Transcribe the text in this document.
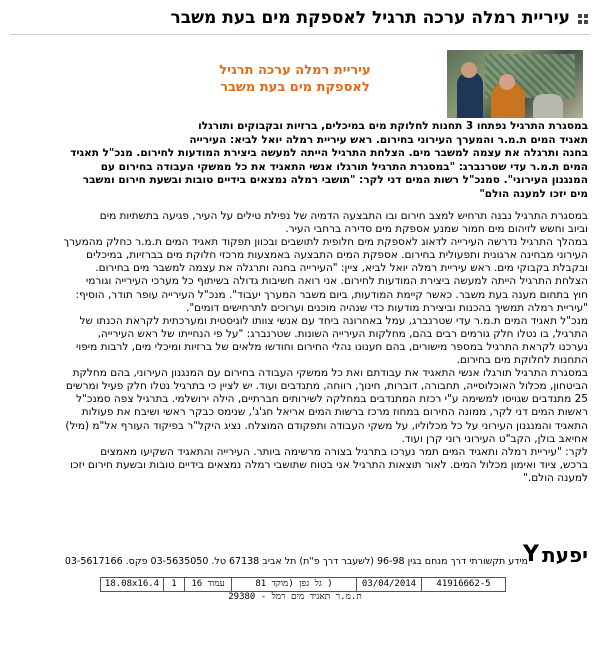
עיריית רמלה ערכה תרגיל לאספקת מים בעת משבר
עיריית רמלה ערכה תרגיל
לאספקת מים בעת משבר

במסגרת התרגיל נפתחו 3 תחנות לחלוקת מים במיכלים, ברזיות ובקבוקים ותורגלו

תאגיד המים ת.מ.ר והמערך העירוני בחירום. ראש עיריית רמלה יואל לביא: העירייה

בחנה ותרגלה את עצמה למשבר מים. הצלחת התרגיל הייתה למעשה ביצירת המודעות לחירום. מנכ"ל תאגיד

המים ת.מ.ר עדי שטרנברג: "במסגרת התרגיל תורגלו אנשי התאגיד את כל ממשקי העבודה בחירום עם

המנגנון העירוני". סמנכ"ל רשות המים דני לקר: "תושבי רמלה נמצאים בידיים טובות ובשעת חירום ומשבר

מים יזכו למענה הולם"

במסגרת התרגיל נבנה תרחיש למצב חירום ובו התבצעה הדמיה של נפילת טילים על העיר, פגיעה בתשתיות מים

וביוב וחשש לזיהום מים חמור שמנע אספקת מים סדירה ברחבי העיר.

במהלך התרגיל נדרשה העירייה לדאוג לאספקת מים חלופית לתושבים ובכוון תפקוד תאגיד המים ת.מ.ר כחלק מהמערך

העירוני מבחינה ארגונית ותפעולית בחירום. אספקת המים התבצעה באמצעות מרכזי חלוקת מים בברזיות, במיכלים

ובקבלת בקבוקי מים. ראש עיריית רמלה יואל לביא, ציין: "העירייה בחנה ותרגלה את עצמה למשבר מים בחירום.

הצלחת התרגיל הייתה למעשה ביצירת המודעות לחירום. אני רואה חשיבות גדולה בשיתוף כל מערכי העירייה וגורמי

חוץ בתחום מענה בעת משבר. כאשר קיימת המודעות, ביום משבר המערך יעבוד". מנכ"ל העירייה עופר תודר, הוסיף:

"עיריית רמלה תמשיך בהכנות וביצירת מודעות כדי שנהיה מוכנים וערוכים לתרחישים דומים".

מנכ"ל תאגיד המים ת.מ.ר עדי שטרנברג, עמל באחרונה ביחד עם אנשי צוותו לוגיסטית ומערכתית לקראת הכנתו של

התרגיל, בו נטלו חלק גורמים רבים בהם, מחלקות העירייה השונות. שטרנברג: "על פי הנחייתו של ראש העירייה,

נערכנו לקראת התרגיל במספר מישורים, בהם חענונו נהלי החירום וחודשו מלאים של ברזיות ומיכלי מים, לרבות מיפוי

התחנות לחלוקת מים בחירום.

במסגרת התרגיל תורגלו אנשי התאגיד את עבודתם ואת כל ממשקי העבודה בחירום עם המנגנון העירוני, בהם מחלקת

הביטחון, מכלול האוכלוסייה, תחבורה, דוברות, חינוך, רווחה, מתנדבים ועוד. יש לציין כי בתרגיל נטלו חלק פעיל ומרשים

25 מתנדבים שגויסו למשימה ע"י רכזת המתנדבים במחלקה לשירותים חברתיים, הילה ירושלמי. בתרגיל צפה סמנכ"ל

ראשות המים דני לקר, ממונה החירום במחוז מרכז ברשות המים אריאל חג'ג', שנימס כבקר ראשי ושיבח את פעולות

התאגיד והמנגנון העירוני על כל מכלוליו, על משקי העבודה ותפקודם המוצלח. נציג היקל"ר בפיקוד העורף אל"מ (מיל)

אחיאב בולן, הקב"ט העירוני רוני קרן ועוד.

לקר: "עיריית רמלה ותאגיד המים תמר נערכו בתרגיל בצורה מרשימה ביותר. העירייה והתאגיד השקיעו מאמצים

ברכש, ציוד ואימון מכלול המים. לאור תוצאות התרגיל אני בטוח שתושבי רמלה נמצאים בידיים טובות ובשעת חירום יזכו

למענה הולם."

יפעת
Y
מידע תקשורתי דרך מנחם בגין 96-98 (לשעבר דרך פ"ת) תל אביב 67138 טל. 03-5635050 פקס. 03-5617166
18.08x16.4	1	עמוד 16	( גל גפן (מוקד 81	03/04/2014	41916662-5
ת.מ.ר תאגיד מים רמל - 29380
